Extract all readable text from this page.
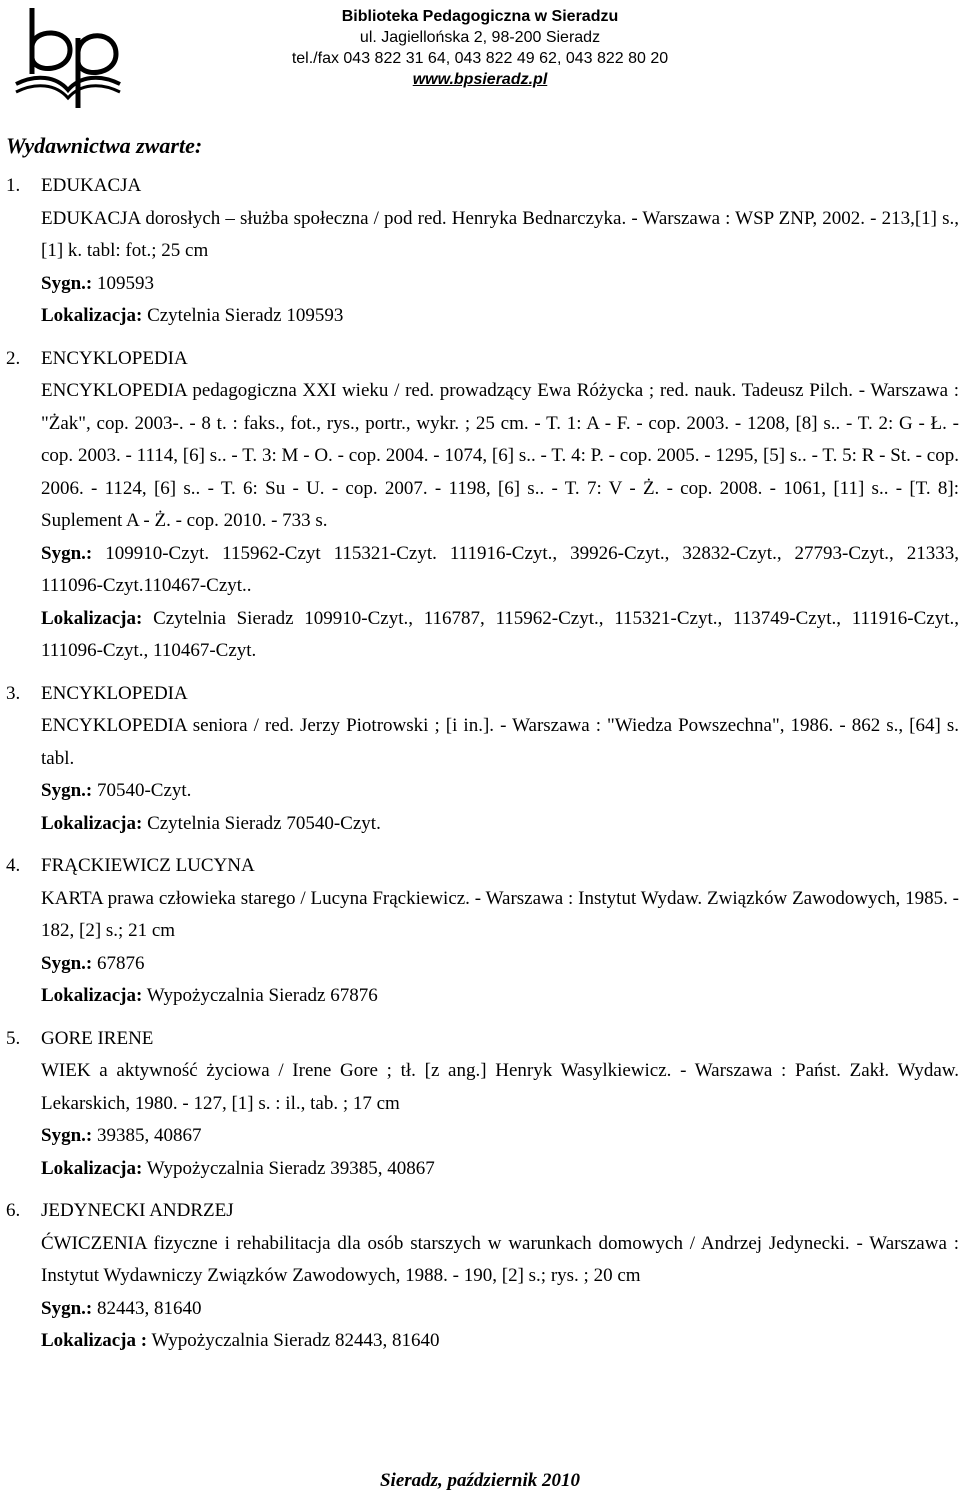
Biblioteka Pedagogiczna w Sieradzu
ul. Jagiellońska 2, 98-200 Sieradz
tel./fax 043 822 31 64, 043 822 49 62, 043 822 80 20
www.bpsieradz.pl
Wydawnictwa zwarte:
1.	EDUKACJA
EDUKACJA dorosłych – służba społeczna / pod red. Henryka Bednarczyka. - Warszawa : WSP ZNP, 2002. - 213,[1] s.,[1] k. tabl: fot.; 25 cm
Sygn.: 109593
Lokalizacja: Czytelnia Sieradz 109593
2.	ENCYKLOPEDIA
ENCYKLOPEDIA pedagogiczna XXI wieku / red. prowadzący Ewa Różycka ; red. nauk. Tadeusz Pilch. - Warszawa : "Żak", cop. 2003-. - 8 t. : faks., fot., rys., portr., wykr. ; 25 cm. - T. 1: A - F. - cop. 2003. - 1208, [8] s.. - T. 2: G - Ł. - cop. 2003. - 1114, [6] s.. - T. 3: M - O. - cop. 2004. - 1074, [6] s.. - T. 4: P. - cop. 2005. - 1295, [5] s.. - T. 5: R - St. - cop. 2006. - 1124, [6] s.. - T. 6: Su - U. - cop. 2007. - 1198, [6] s.. - T. 7: V - Ż. - cop. 2008. - 1061, [11] s.. - [T. 8]: Suplement A - Ż. - cop. 2010. - 733 s.
Sygn.: 109910-Czyt. 115962-Czyt 115321-Czyt. 111916-Czyt., 39926-Czyt., 32832-Czyt., 27793-Czyt., 21333, 111096-Czyt.110467-Czyt..
Lokalizacja: Czytelnia Sieradz 109910-Czyt., 116787, 115962-Czyt., 115321-Czyt., 113749-Czyt., 111916-Czyt., 111096-Czyt., 110467-Czyt.
3.	ENCYKLOPEDIA
ENCYKLOPEDIA seniora / red. Jerzy Piotrowski ; [i in.]. - Warszawa : "Wiedza Powszechna", 1986. - 862 s., [64] s. tabl.
Sygn.: 70540-Czyt.
Lokalizacja: Czytelnia Sieradz 70540-Czyt.
4.	FRĄCKIEWICZ LUCYNA
KARTA prawa człowieka starego / Lucyna Frąckiewicz. - Warszawa : Instytut Wydaw. Związków Zawodowych, 1985. - 182, [2] s.; 21 cm
Sygn.: 67876
Lokalizacja: Wypożyczalnia Sieradz 67876
5.	GORE IRENE
WIEK a aktywność życiowa / Irene Gore ; tł. [z ang.] Henryk Wasylkiewicz. - Warszawa : Państ. Zakł. Wydaw. Lekarskich, 1980. - 127, [1] s. : il., tab. ; 17 cm
Sygn.: 39385, 40867
Lokalizacja: Wypożyczalnia Sieradz 39385, 40867
6.	JEDYNECKI ANDRZEJ
ĆWICZENIA fizyczne i rehabilitacja dla osób starszych w warunkach domowych / Andrzej Jedynecki. - Warszawa : Instytut Wydawniczy Związków Zawodowych, 1988. - 190, [2] s.; rys. ; 20 cm
Sygn.: 82443, 81640
Lokalizacja : Wypożyczalnia Sieradz 82443, 81640
Sieradz, październik 2010
